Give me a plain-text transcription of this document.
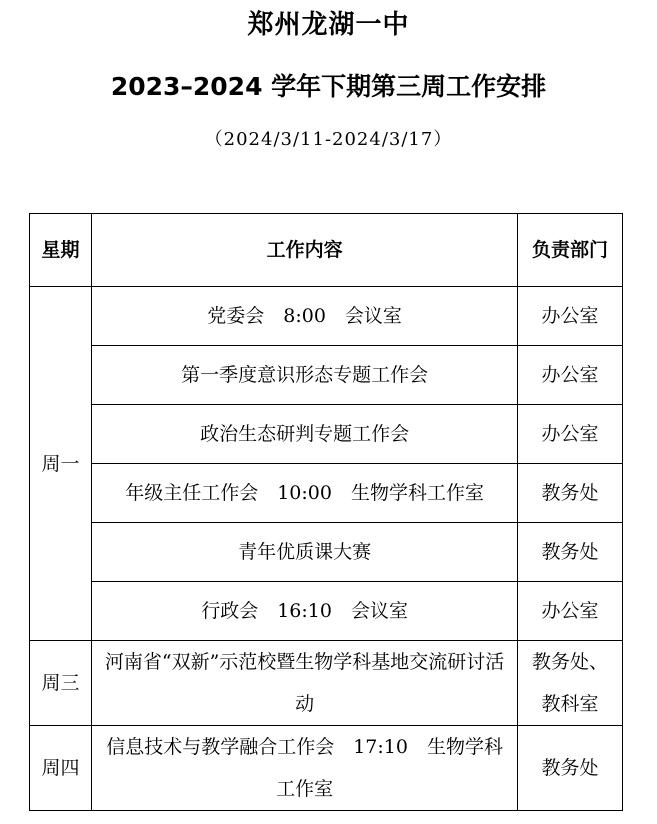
郑州龙湖一中
2023–2024 学年下期第三周工作安排
（2024/3/11-2024/3/17）
星期	工作内容	负责部门
周一	党委会　8:00　会议室	办公室
	第一季度意识形态专题工作会	办公室
	政治生态研判专题工作会	办公室
	年级主任工作会　10:00　生物学科工作室	教务处
	青年优质课大赛	教务处
	行政会　16:10　会议室	办公室
周三	河南省“双新”示范校暨生物学科基地交流研讨活动	教务处、教科室
周四	信息技术与教学融合工作会　17:10　生物学科工作室	教务处
